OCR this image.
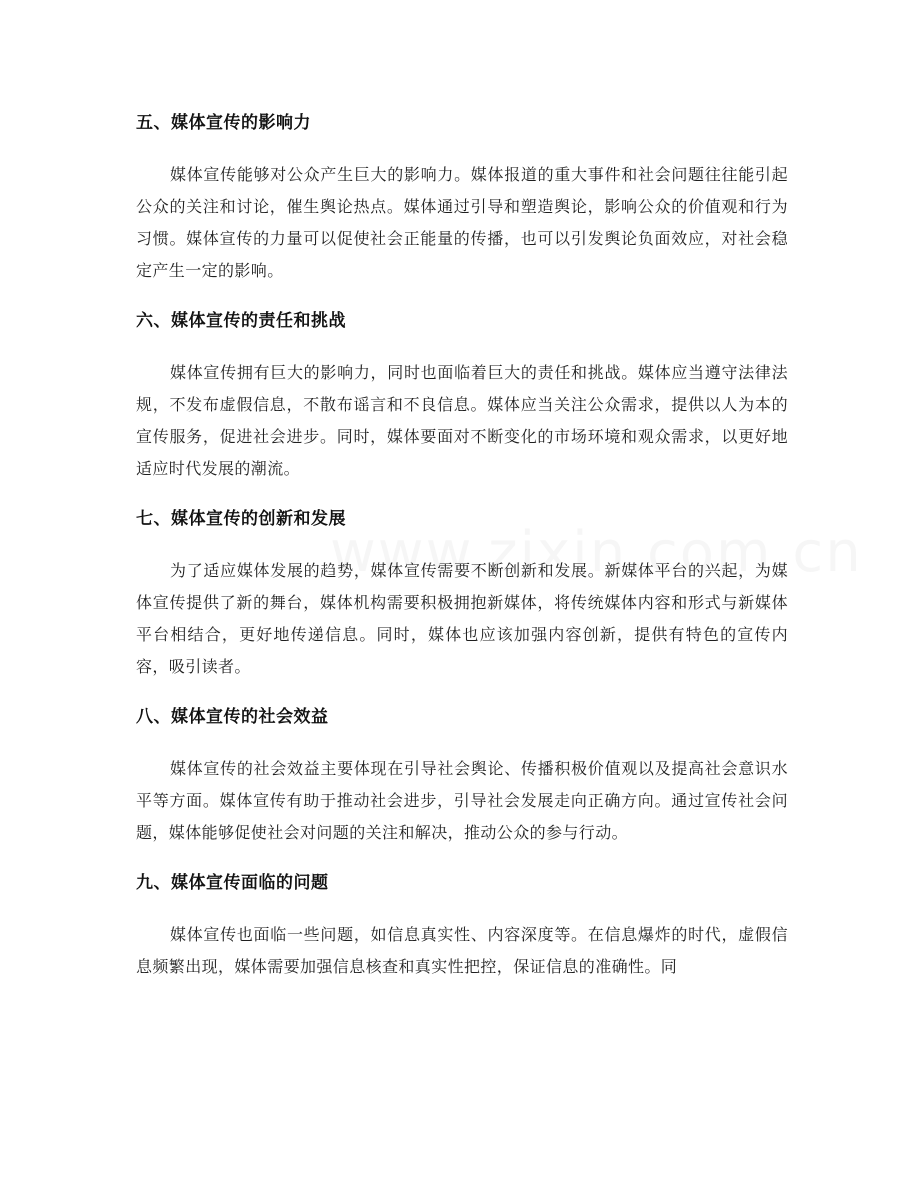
五、媒体宣传的影响力

媒体宣传能够对公众产生巨大的影响力。媒体报道的重大事件和社会问题往往能引起公众的关注和讨论，催生舆论热点。媒体通过引导和塑造舆论，影响公众的价值观和行为习惯。媒体宣传的力量可以促使社会正能量的传播，也可以引发舆论负面效应，对社会稳定产生一定的影响。

六、媒体宣传的责任和挑战

媒体宣传拥有巨大的影响力，同时也面临着巨大的责任和挑战。媒体应当遵守法律法规，不发布虚假信息，不散布谣言和不良信息。媒体应当关注公众需求，提供以人为本的宣传服务，促进社会进步。同时，媒体要面对不断变化的市场环境和观众需求，以更好地适应时代发展的潮流。

七、媒体宣传的创新和发展

为了适应媒体发展的趋势，媒体宣传需要不断创新和发展。新媒体平台的兴起，为媒体宣传提供了新的舞台，媒体机构需要积极拥抱新媒体，将传统媒体内容和形式与新媒体平台相结合，更好地传递信息。同时，媒体也应该加强内容创新，提供有特色的宣传内容，吸引读者。

八、媒体宣传的社会效益

媒体宣传的社会效益主要体现在引导社会舆论、传播积极价值观以及提高社会意识水平等方面。媒体宣传有助于推动社会进步，引导社会发展走向正确方向。通过宣传社会问题，媒体能够促使社会对问题的关注和解决，推动公众的参与行动。

九、媒体宣传面临的问题

媒体宣传也面临一些问题，如信息真实性、内容深度等。在信息爆炸的时代，虚假信息频繁出现，媒体需要加强信息核查和真实性把控，保证信息的准确性。同
